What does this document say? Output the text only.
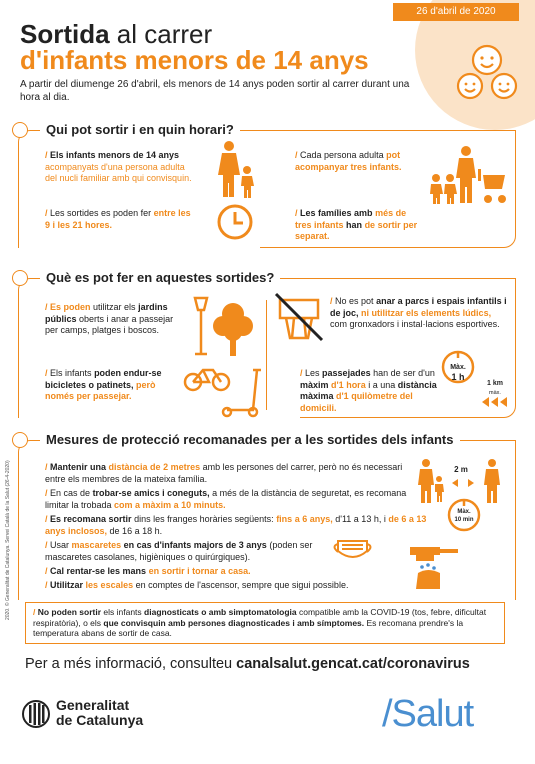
26 d'abril de 2020
Sortida al carrer
d'infants menors de 14 anys
A partir del diumenge 26 d'abril, els menors de 14 anys poden sortir al carrer durant una hora al dia.
Qui pot sortir i en quin horari?
/ Els infants menors de 14 anys acompanyats d'una persona adulta del nucli familiar amb qui convisquin.
/ Les sortides es poden fer entre les 9 i les 21 hores.
/ Cada persona adulta pot acompanyar tres infants.
/ Les famílies amb més de tres infants han de sortir per separat.
Què es pot fer en aquestes sortides?
/ Es poden utilitzar els jardins públics oberts i anar a passejar per camps, platges i boscos.
/ Els infants poden endur-se bicicletes o patinets, però només per passejar.
/ No es pot anar a parcs i espais infantils i de joc, ni utilitzar els elements lúdics, com gronxadors i instal·lacions esportives.
/ Les passejades han de ser d'un màxim d'1 hora i a una distància màxima d'1 quilòmetre del domicili.
Màx.
1 h
1 km
màx.
Mesures de protecció recomanades per a les sortides dels infants
/ Mantenir una distància de 2 metres amb les persones del carrer, però no és necessari entre els membres de la mateixa família.
/ En cas de trobar-se amics i coneguts, a més de la distància de seguretat, es recomana limitar la trobada com a màxim a 10 minuts.
/ Es recomana sortir dins les franges horàries següents: fins a 6 anys, d'11 a 13 h, i de 6 a 13 anys inclosos, de 16 a 18 h.
/ Usar mascaretes en cas d'infants majors de 3 anys (poden ser mascaretes casolanes, higièniques o quirúrgiques).
/ Cal rentar-se les mans en sortir i tornar a casa.
/ Utilitzar les escales en comptes de l'ascensor, sempre que sigui possible.
2 m
Màx.
10 min
/ No poden sortir els infants diagnosticats o amb simptomatologia compatible amb la COVID-19 (tos, febre, dificultat respiratòria), o els que convisquin amb persones diagnosticades i amb símptomes. Es recomana prendre's la temperatura abans de sortir de casa.
Per a més informació, consulteu canalsalut.gencat.cat/coronavirus
Generalitat
de Catalunya	/Salut
2020. © Generalitat de Catalunya. Servei Català de la Salut (26-4-2020)
